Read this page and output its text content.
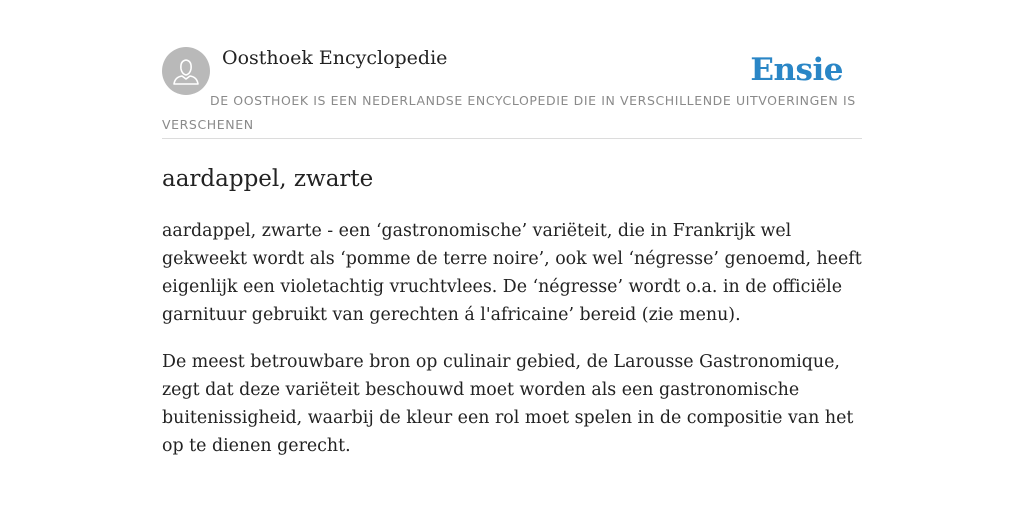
Oosthoek Encyclopedie	Ensie

DE OOSTHOEK IS EEN NEDERLANDSE ENCYCLOPEDIE DIE IN VERSCHILLENDE UITVOERINGEN IS VERSCHENEN

aardappel, zwarte

aardappel, zwarte - een ‘gastronomische’ variëteit, die in Frankrijk wel gekweekt wordt als ‘pomme de terre noire’, ook wel ‘négresse’ genoemd, heeft eigenlijk een violetachtig vruchtvlees. De ‘négresse’ wordt o.a. in de officiële garnituur gebruikt van gerechten á l'africaine’ bereid (zie menu).

De meest betrouwbare bron op culinair gebied, de Larousse Gastronomique, zegt dat deze variëteit beschouwd moet worden als een gastronomische buitenissigheid, waarbij de kleur een rol moet spelen in de compositie van het op te dienen gerecht.
